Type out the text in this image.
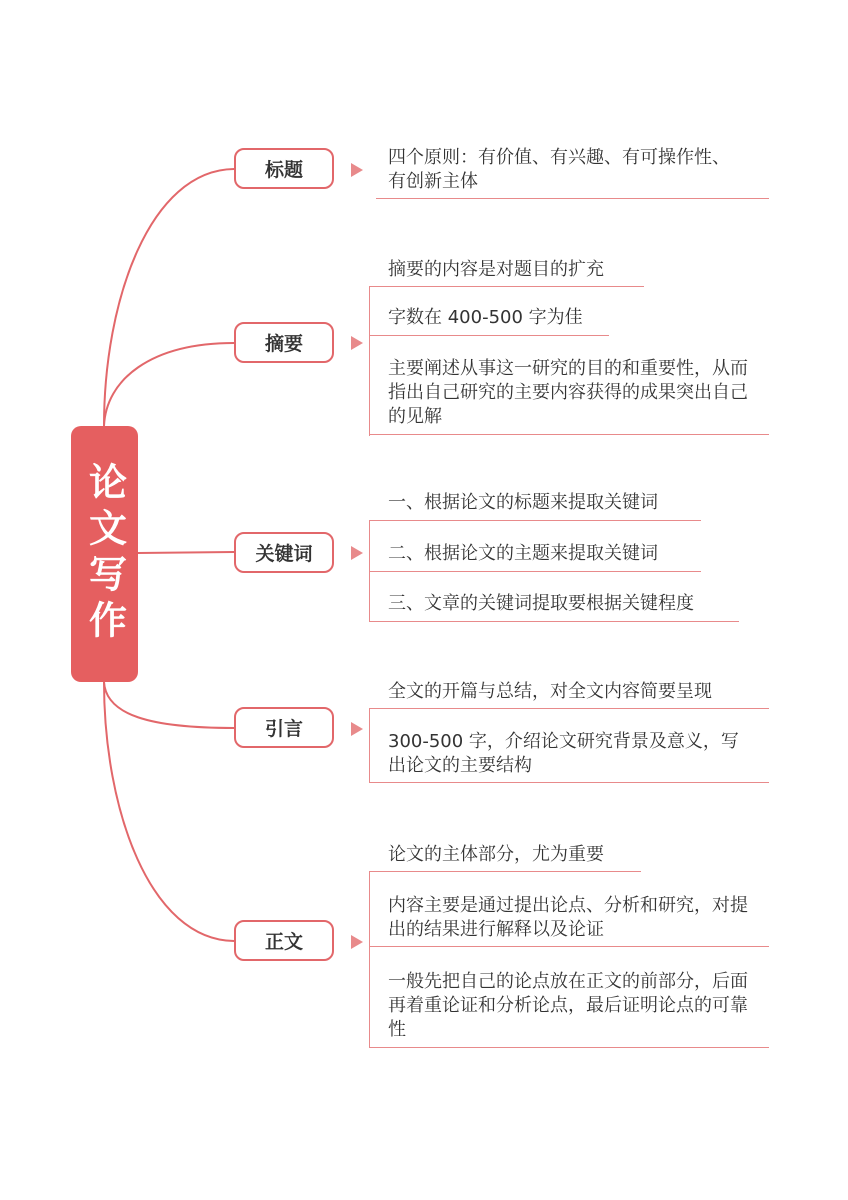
论文写作
标题
四个原则：有价值、有兴趣、有可操作性、有创新主体
摘要
摘要的内容是对题目的扩充
字数在 400-500 字为佳
主要阐述从事这一研究的目的和重要性，从而指出自己研究的主要内容获得的成果突出自己的见解
关键词
一、根据论文的标题来提取关键词
二、根据论文的主题来提取关键词
三、文章的关键词提取要根据关键程度
引言
全文的开篇与总结，对全文内容简要呈现
300-500 字，介绍论文研究背景及意义，写出论文的主要结构
正文
论文的主体部分，尤为重要
内容主要是通过提出论点、分析和研究，对提出的结果进行解释以及论证
一般先把自己的论点放在正文的前部分，后面再着重论证和分析论点，最后证明论点的可靠性
